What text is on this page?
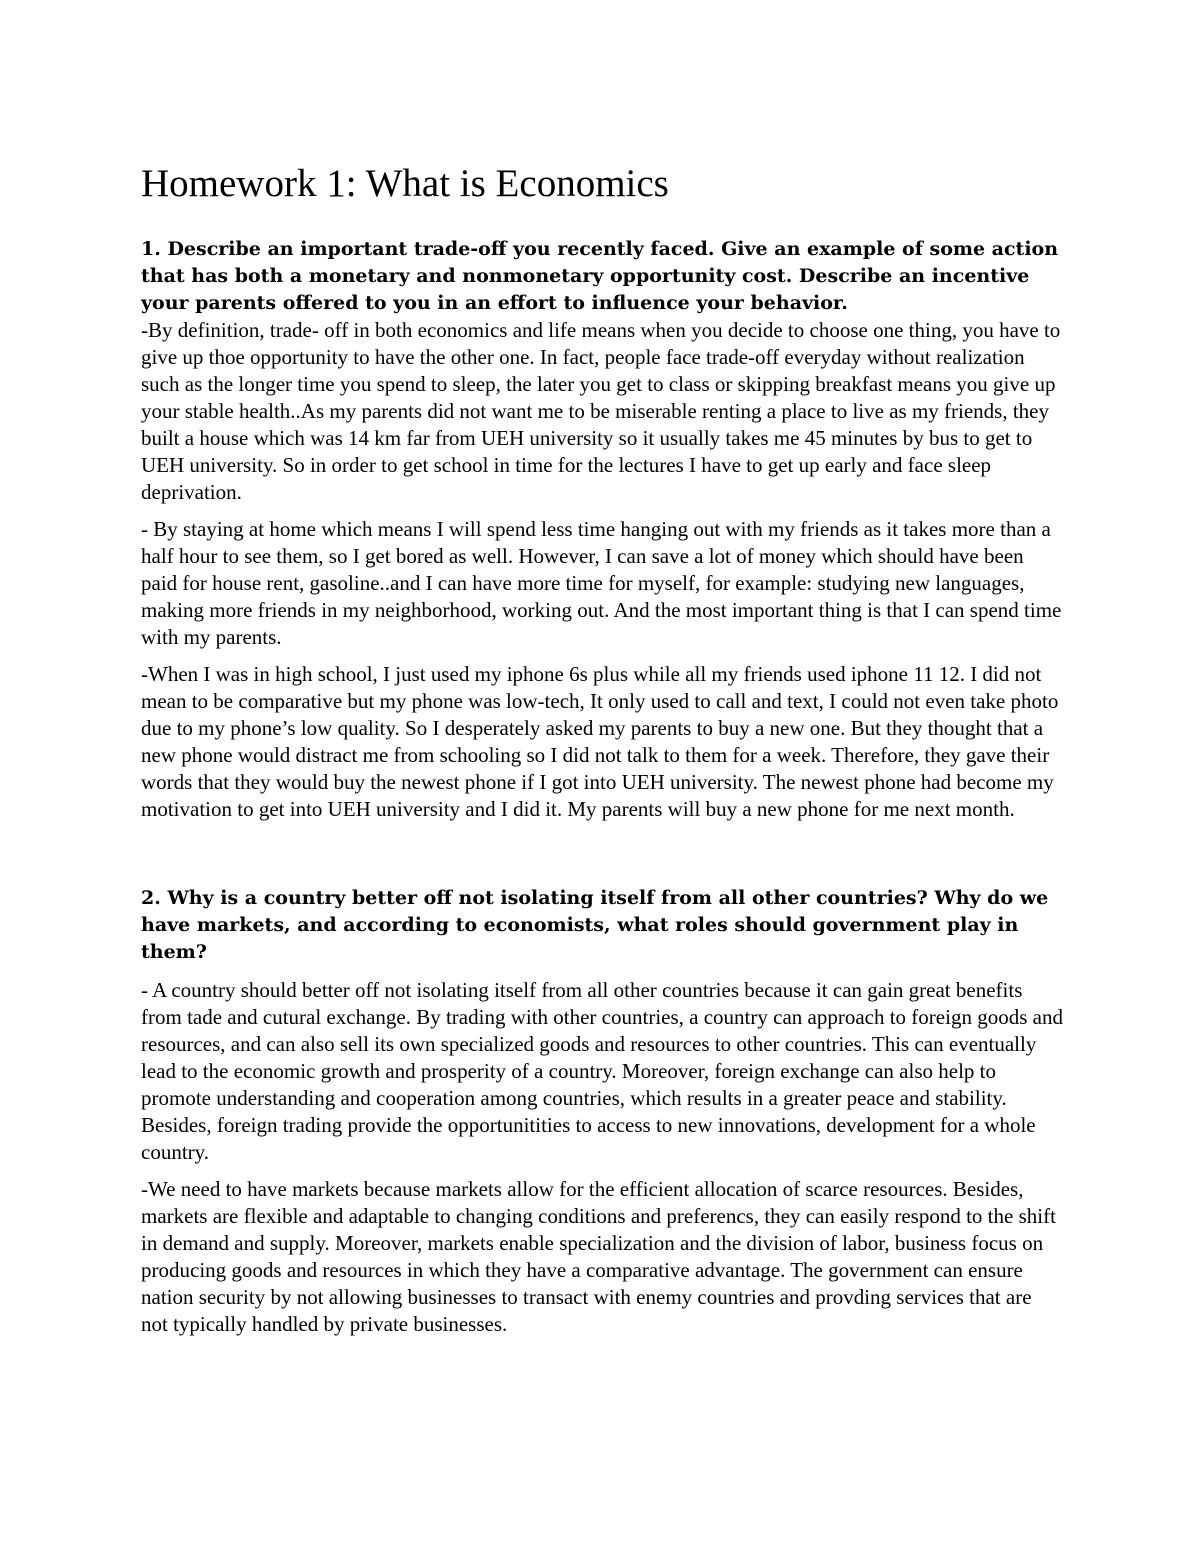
Homework 1: What is Economics

1. Describe an important trade-off you recently faced. Give an example of some action that has both a monetary and nonmonetary opportunity cost. Describe an incentive your parents offered to you in an effort to influence your behavior.

-By definition, trade- off in both economics and life means when you decide to choose one thing, you have to give up thoe opportunity to have the other one. In fact, people face trade-off everyday without realization such as the longer time you spend to sleep, the later you get to class or skipping breakfast means you give up your stable health..As my parents did not want me to be miserable renting a place to live as my friends, they built a house which was 14 km far from UEH university so it usually takes me 45 minutes by bus to get to UEH university. So in order to get school in time for the lectures I have to get up early and face sleep deprivation.

- By staying at home which means I will spend less time hanging out with my friends as it takes more than a half hour to see them, so I get bored as well. However, I can save a lot of money which should have been paid for house rent, gasoline..and I can have more time for myself, for example: studying new languages, making more friends in my neighborhood, working out. And the most important thing is that I can spend time with my parents.

-When I was in high school, I just used my iphone 6s plus while all my friends used iphone 11 12. I did not mean to be comparative but my phone was low-tech, It only used to call and text, I could not even take photo due to my phone’s low quality. So I desperately asked my parents to buy a new one. But they thought that a new phone would distract me from schooling so I did not talk to them for a week. Therefore, they gave their words that they would buy the newest phone if I got into UEH university. The newest phone had become my motivation to get into UEH university and I did it. My parents will buy a new phone for me next month.

2. Why is a country better off not isolating itself from all other countries? Why do we have markets, and according to economists, what roles should government play in them?

- A country should better off not isolating itself from all other countries because it can gain great benefits from tade and cutural exchange. By trading with other countries, a country can approach to foreign goods and resources, and can also sell its own specialized goods and resources to other countries. This can eventually lead to the economic growth and prosperity of a country. Moreover, foreign exchange can also help to promote understanding and cooperation among countries, which results in a greater peace and stability. Besides, foreign trading provide the opportunitities to access to new innovations, development for a whole country.

-We need to have markets because markets allow for the efficient allocation of scarce resources. Besides, markets are flexible and adaptable to changing conditions and preferencs, they can easily respond to the shift in demand and supply. Moreover, markets enable specialization and the division of labor, business focus on producing goods and resources in which they have a comparative advantage. The government can ensure nation security by not allowing businesses to transact with enemy countries and provding services that are not typically handled by private businesses.
